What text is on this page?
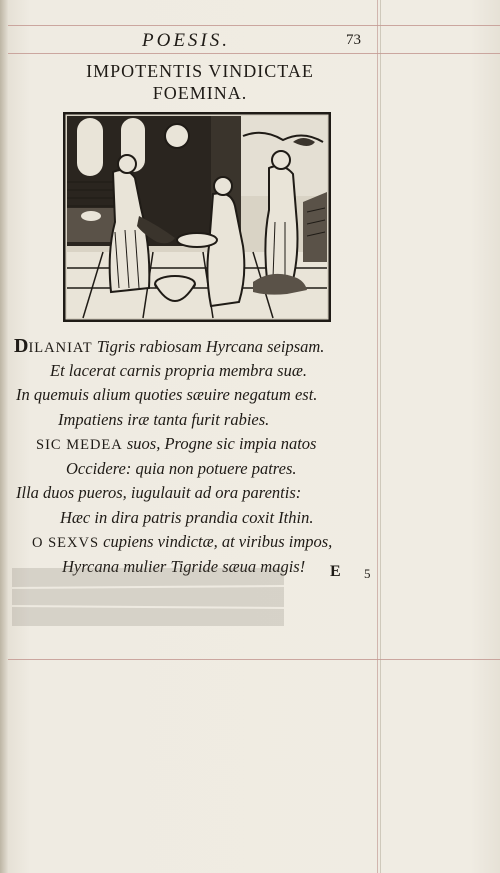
POESIS.	73
IMPOTENTIS VINDICTAE
FOEMINA.
DILANIAT Tigris rabiosam Hyrcana seipsam.
Et lacerat carnis propria membra suæ.
In quemuis alium quoties sæuire negatum est.
Impatiens iræ tanta furit rabies.
SIC MEDEA suos, Progne sic impia natos
Occidere: quia non potuere patres.
Illa duos pueros, iugulauit ad ora parentis:
Hæc in dira patris prandia coxit Ithin.
O SEXVS cupiens vindictæ, at viribus impos,
Hyrcana mulier Tigride sæua magis!	E 5
